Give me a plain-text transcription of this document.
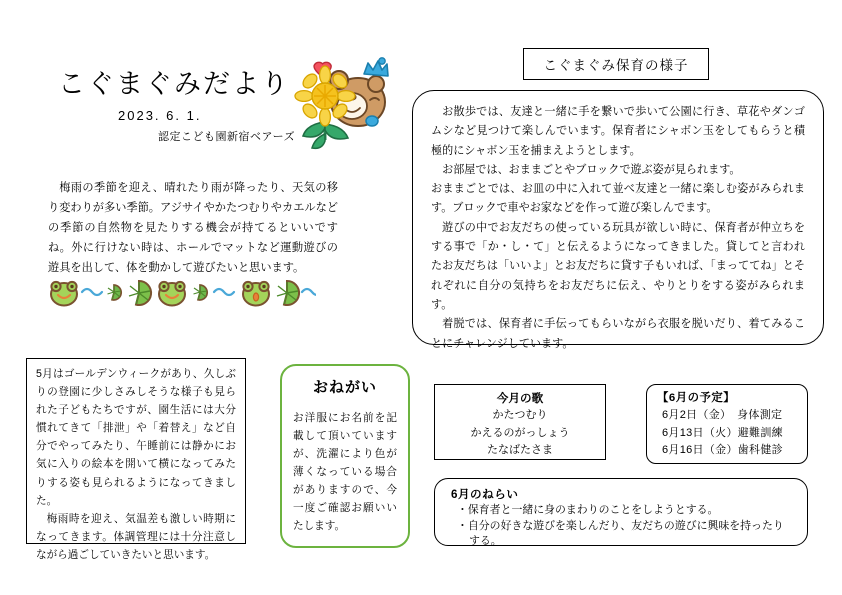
こぐまぐみだより
2023. 6. 1.
認定こども園新宿ベアーズ

梅雨の季節を迎え、晴れたり雨が降ったり、天気の移り変わりが多い季節。アジサイやかたつむりやカエルなどの季節の自然物を見たりする機会が持てるといいですね。外に行けない時は、ホールでマットなど運動遊びの遊具を出して、体を動かして遊びたいと思います。

5月はゴールデンウィークがあり、久しぶりの登園に少しさみしそうな様子も見られた子どもたちですが、園生活には大分慣れてきて「排泄」や「着替え」など自分でやってみたり、午睡前には静かにお気に入りの絵本を開いて横になってみたりする姿も見られるようになってきました。

梅雨時を迎え、気温差も激しい時期になってきます。体調管理には十分注意しながら過ごしていきたいと思います。

おねがい

お洋服にお名前を記載して頂いていますが、洗濯により色が薄くなっている場合がありますので、今一度ご確認お願いいたします。

こぐまぐみ保育の様子

お散歩では、友達と一緒に手を繋いで歩いて公園に行き、草花やダンゴムシなど見つけて楽しんでいます。保育者にシャボン玉をしてもらうと積極的にシャボン玉を捕まえようとします。

お部屋では、おままごとやブロックで遊ぶ姿が見られます。

おままごとでは、お皿の中に入れて並べ友達と一緒に楽しむ姿がみられます。ブロックで車やお家などを作って遊び楽しんでます。

遊びの中でお友だちの使っている玩具が欲しい時に、保育者が仲立ちをする事で「か・し・て」と伝えるようになってきました。貸してと言われたお友だちは「いいよ」とお友だちに貸す子もいれば、「まっててね」とそれぞれに自分の気持ちをお友だちに伝え、やりとりをする姿がみられます。

着脱では、保育者に手伝ってもらいながら衣服を脱いだり、着てみることにチャレンジしています。

今月の歌
かたつむり
かえるのがっしょう
たなばたさま
【6月の予定】
6月2日（金）　身体測定
6月13日（火）避難訓練
6月16日（金）歯科健診
6月のねらい
・保育者と一緒に身のまわりのことをしようとする。
・自分の好きな遊びを楽しんだり、友だちの遊びに興味を持ったり
する。
